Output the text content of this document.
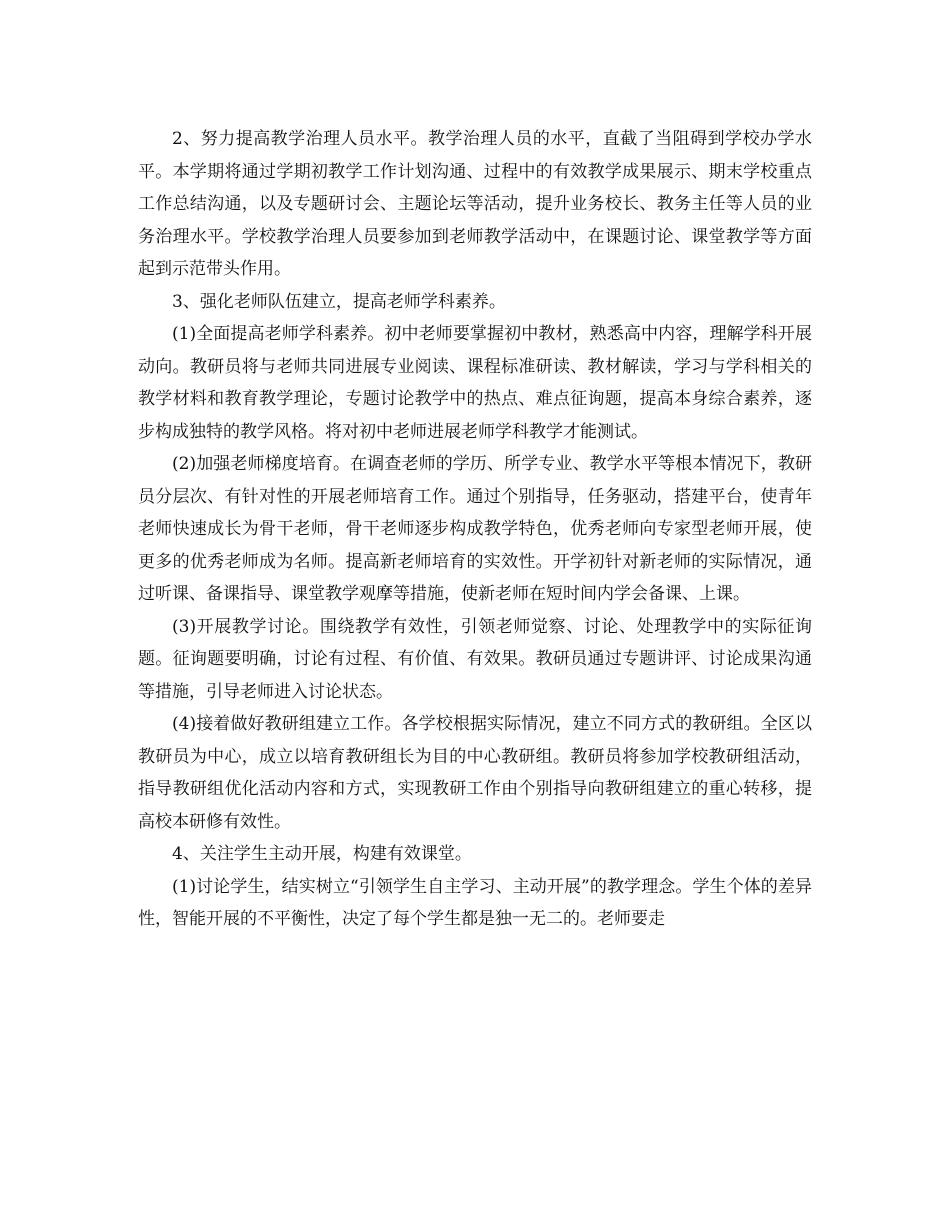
2、努力提高教学治理人员水平。教学治理人员的水平，直截了当阻碍到学校办学水平。本学期将通过学期初教学工作计划沟通、过程中的有效教学成果展示、期末学校重点工作总结沟通，以及专题研讨会、主题论坛等活动，提升业务校长、教务主任等人员的业务治理水平。学校教学治理人员要参加到老师教学活动中，在课题讨论、课堂教学等方面起到示范带头作用。

3、强化老师队伍建立，提高老师学科素养。

(1)全面提高老师学科素养。初中老师要掌握初中教材，熟悉高中内容，理解学科开展动向。教研员将与老师共同进展专业阅读、课程标准研读、教材解读，学习与学科相关的教学材料和教育教学理论，专题讨论教学中的热点、难点征询题，提高本身综合素养，逐步构成独特的教学风格。将对初中老师进展老师学科教学才能测试。

(2)加强老师梯度培育。在调查老师的学历、所学专业、教学水平等根本情况下，教研员分层次、有针对性的开展老师培育工作。通过个别指导，任务驱动，搭建平台，使青年老师快速成长为骨干老师，骨干老师逐步构成教学特色，优秀老师向专家型老师开展，使更多的优秀老师成为名师。提高新老师培育的实效性。开学初针对新老师的实际情况，通过听课、备课指导、课堂教学观摩等措施，使新老师在短时间内学会备课、上课。

(3)开展教学讨论。围绕教学有效性，引领老师觉察、讨论、处理教学中的实际征询题。征询题要明确，讨论有过程、有价值、有效果。教研员通过专题讲评、讨论成果沟通等措施，引导老师进入讨论状态。

(4)接着做好教研组建立工作。各学校根据实际情况，建立不同方式的教研组。全区以教研员为中心，成立以培育教研组长为目的中心教研组。教研员将参加学校教研组活动，指导教研组优化活动内容和方式，实现教研工作由个别指导向教研组建立的重心转移，提高校本研修有效性。

4、关注学生主动开展，构建有效课堂。

(1)讨论学生，结实树立“引领学生自主学习、主动开展”的教学理念。学生个体的差异性，智能开展的不平衡性，决定了每个学生都是独一无二的。老师要走
